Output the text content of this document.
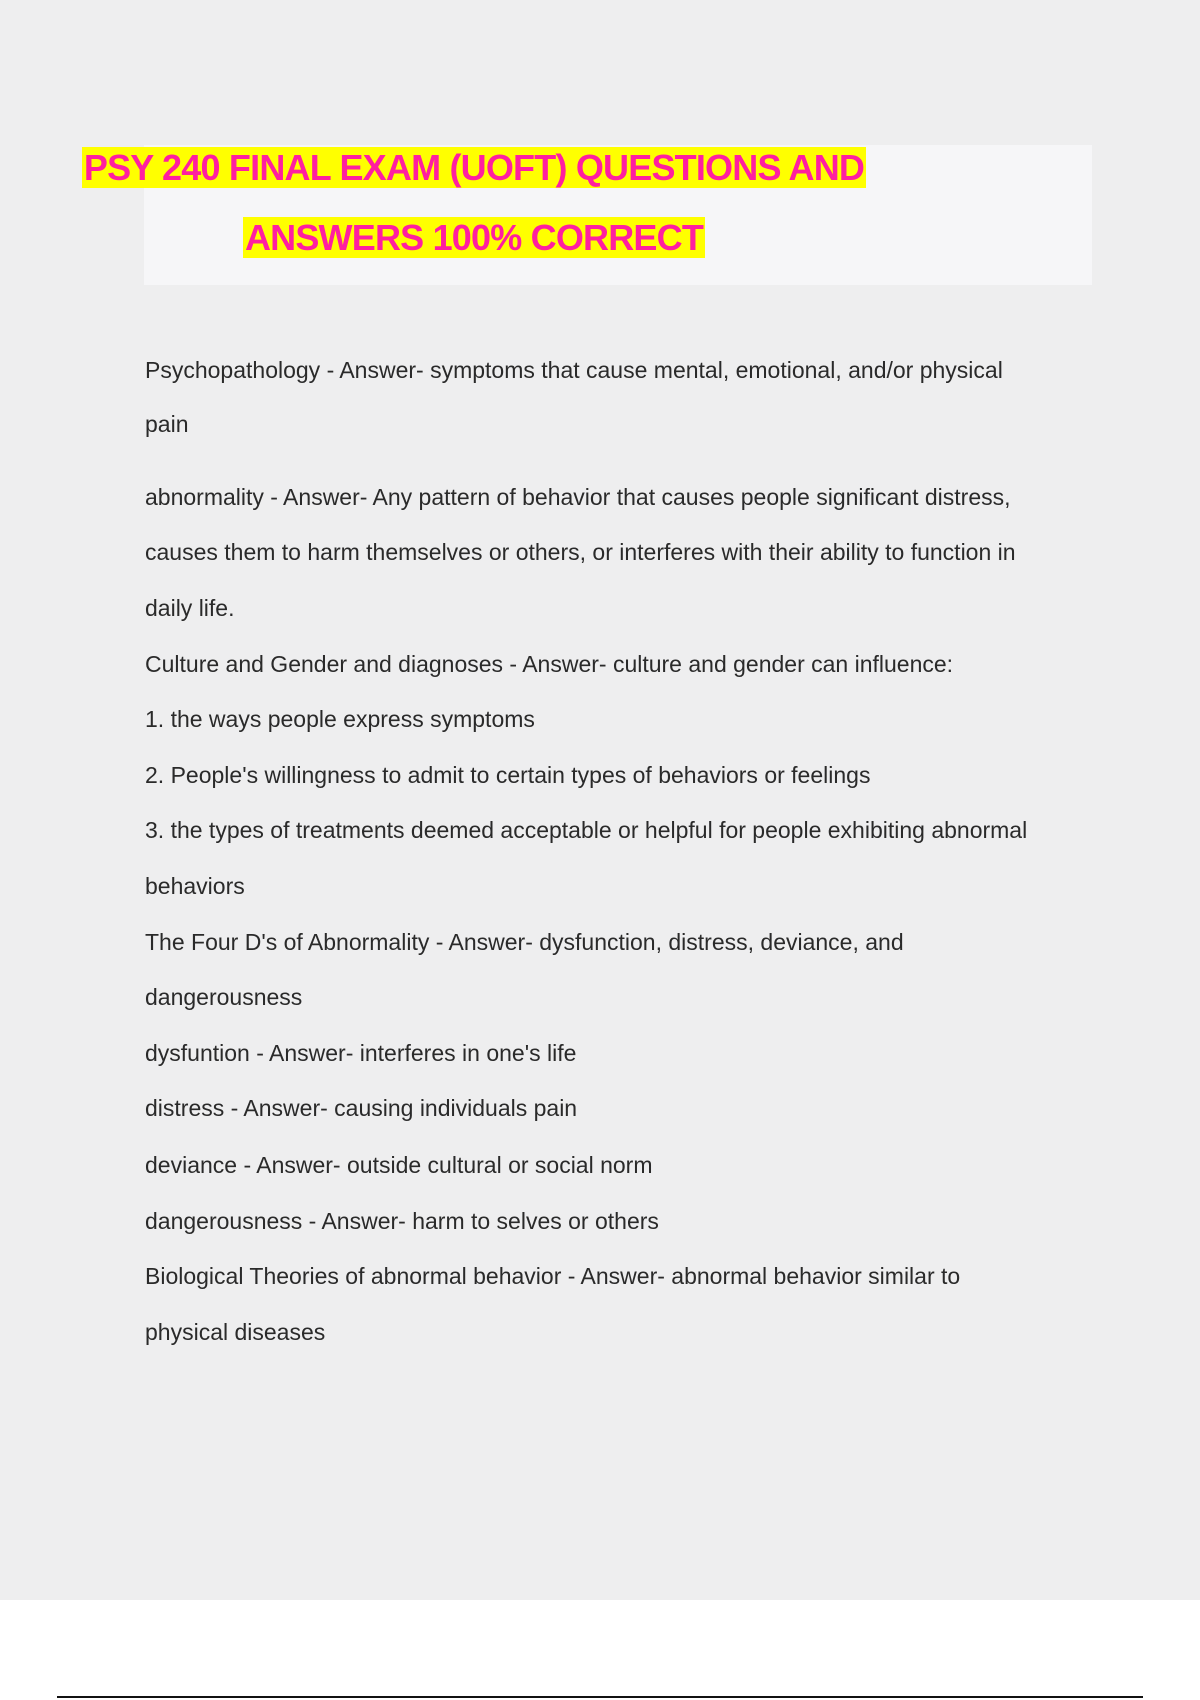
PSY 240 FINAL EXAM (UOFT) QUESTIONS AND
ANSWERS 100% CORRECT
Psychopathology - Answer- symptoms that cause mental, emotional, and/or physical
pain
abnormality - Answer- Any pattern of behavior that causes people significant distress,
causes them to harm themselves or others, or interferes with their ability to function in
daily life.
Culture and Gender and diagnoses - Answer- culture and gender can influence:
1. the ways people express symptoms
2. People's willingness to admit to certain types of behaviors or feelings
3. the types of treatments deemed acceptable or helpful for people exhibiting abnormal
behaviors
The Four D's of Abnormality - Answer- dysfunction, distress, deviance, and
dangerousness
dysfuntion - Answer- interferes in one's life
distress - Answer- causing individuals pain
deviance - Answer- outside cultural or social norm
dangerousness - Answer- harm to selves or others
Biological Theories of abnormal behavior - Answer- abnormal behavior similar to
physical diseases
